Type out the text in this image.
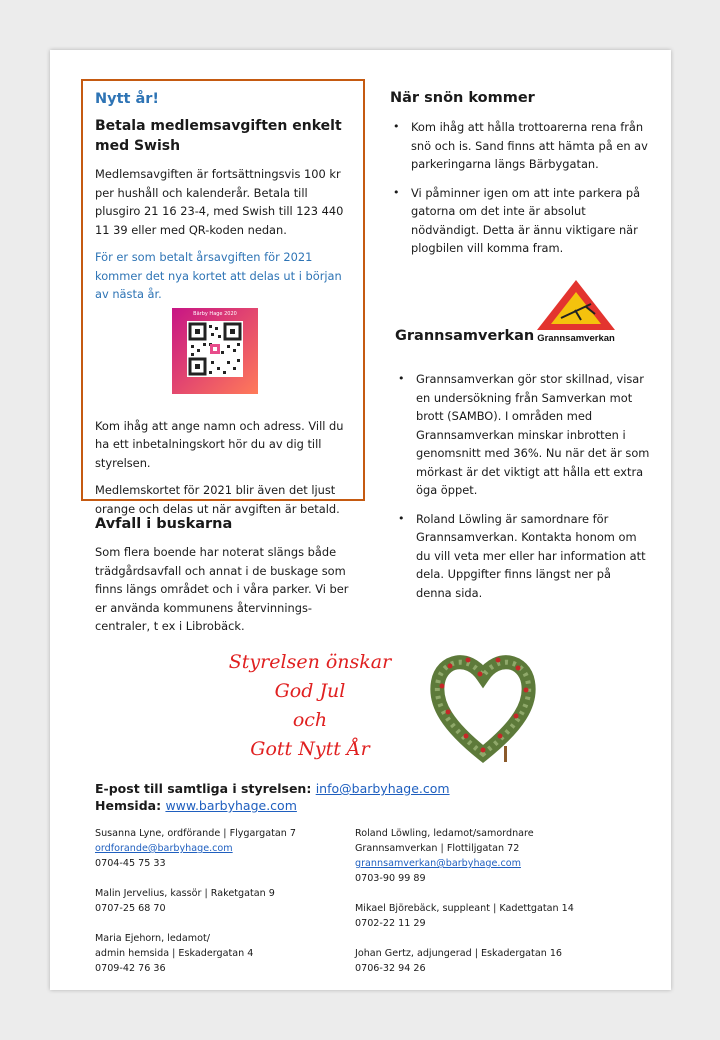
Nytt år!
Betala medlemsavgiften enkelt med Swish
Medlemsavgiften är fortsättningsvis 100 kr per hushåll och kalenderår. Betala till plusgiro 21 16 23-4, med Swish till 123 440 11 39 eller med QR-koden nedan.
För er som betalt årsavgiften för 2021 kommer det nya kortet att delas ut i början av nästa år.
Bärby Hage 2020
Kom ihåg att ange namn och adress. Vill du ha ett inbetalningskort hör du av dig till styrelsen.
Medlemskortet för 2021 blir även det ljust orange och delas ut när avgiften är betald.
När snön kommer
• Kom ihåg att hålla trottoarerna rena från snö och is. Sand finns att hämta på en av parkeringarna längs Bärbygatan.
• Vi påminner igen om att inte parkera på gatorna om det inte är absolut nödvändigt. Detta är ännu viktigare när plogbilen vill komma fram.
Grannsamverkan
Grannsamverkan
• Grannsamverkan gör stor skillnad, visar en undersökning från Samverkan mot brott (SAMBO). I områden med Grannsamverkan minskar inbrotten i genomsnitt med 36%. Nu när det är som mörkast är det viktigt att hålla ett extra öga öppet.
• Roland Löwling är samordnare för Grannsamverkan. Kontakta honom om du vill veta mer eller har information att dela. Uppgifter finns längst ner på denna sida.
Avfall i buskarna
Som flera boende har noterat slängs både trädgårdsavfall och annat i de buskage som finns längs området och i våra parker. Vi ber er använda kommunens återvinnings-centraler, t ex i Librobäck.
Styrelsen önskar
God Jul
och
Gott Nytt År
E-post till samtliga i styrelsen: info@barbyhage.com
Hemsida: www.barbyhage.com
Susanna Lyne, ordförande | Flygargatan 7
ordforande@barbyhage.com
0704-45 75 33
Malin Jervelius, kassör | Raketgatan 9
0707-25 68 70
Maria Ejehorn, ledamot/
admin hemsida | Eskadergatan 4
0709-42 76 36
Roland Löwling, ledamot/samordnare
Grannsamverkan | Flottiljgatan 72
grannsamverkan@barbyhage.com
0703-90 99 89
Mikael Björebäck, suppleant | Kadettgatan 14
0702-22 11 29
Johan Gertz, adjungerad | Eskadergatan 16
0706-32 94 26
